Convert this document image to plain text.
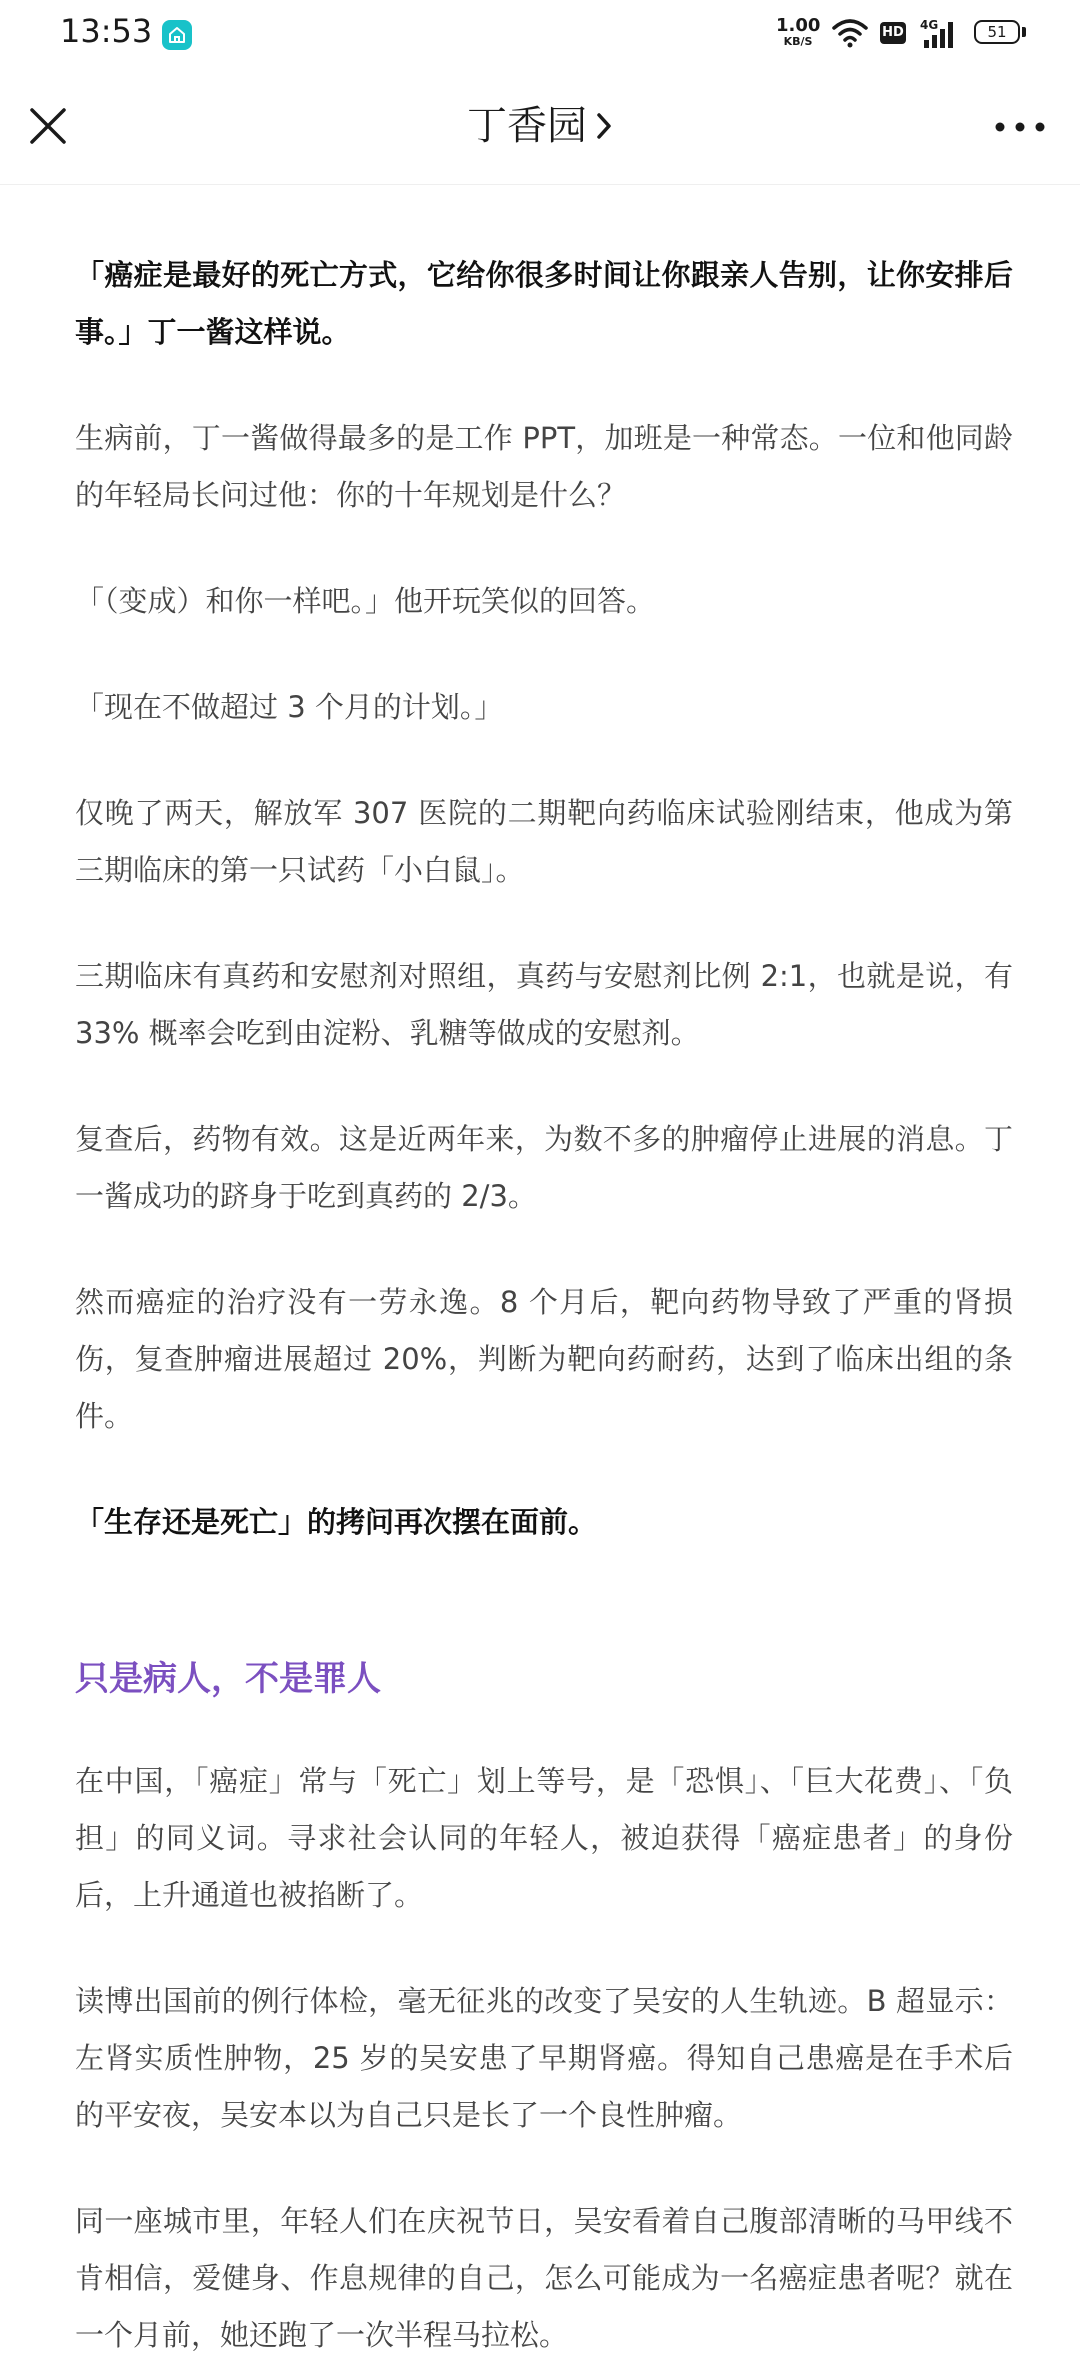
13:53	1.00
KB/S
HD 4G	51
丁香园

「癌症是最好的死亡方式，它给你很多时间让你跟亲人告别，让你安排后事。」丁一酱这样说。

生病前，丁一酱做得最多的是工作 PPT，加班是一种常态。一位和他同龄的年轻局长问过他：你的十年规划是什么？

「（变成）和你一样吧。」他开玩笑似的回答。

「现在不做超过 3 个月的计划。」

仅晚了两天，解放军 307 医院的二期靶向药临床试验刚结束，他成为第三期临床的第一只试药「小白鼠」。

三期临床有真药和安慰剂对照组，真药与安慰剂比例 2:1，也就是说，有 33% 概率会吃到由淀粉、乳糖等做成的安慰剂。

复查后，药物有效。这是近两年来，为数不多的肿瘤停止进展的消息。丁一酱成功的跻身于吃到真药的 2/3。

然而癌症的治疗没有一劳永逸。8 个月后，靶向药物导致了严重的肾损伤，复查肿瘤进展超过 20%，判断为靶向药耐药，达到了临床出组的条件。

「生存还是死亡」的拷问再次摆在面前。

只是病人，不是罪人

在中国，「癌症」常与「死亡」划上等号，是「恐惧」、「巨大花费」、「负担」的同义词。寻求社会认同的年轻人，被迫获得「癌症患者」的身份后，上升通道也被掐断了。

读博出国前的例行体检，毫无征兆的改变了吴安的人生轨迹。B 超显示：左肾实质性肿物，25 岁的吴安患了早期肾癌。得知自己患癌是在手术后的平安夜，吴安本以为自己只是长了一个良性肿瘤。

同一座城市里，年轻人们在庆祝节日，吴安看着自己腹部清晰的马甲线不肯相信，爱健身、作息规律的自己，怎么可能成为一名癌症患者呢？就在一个月前，她还跑了一次半程马拉松。
